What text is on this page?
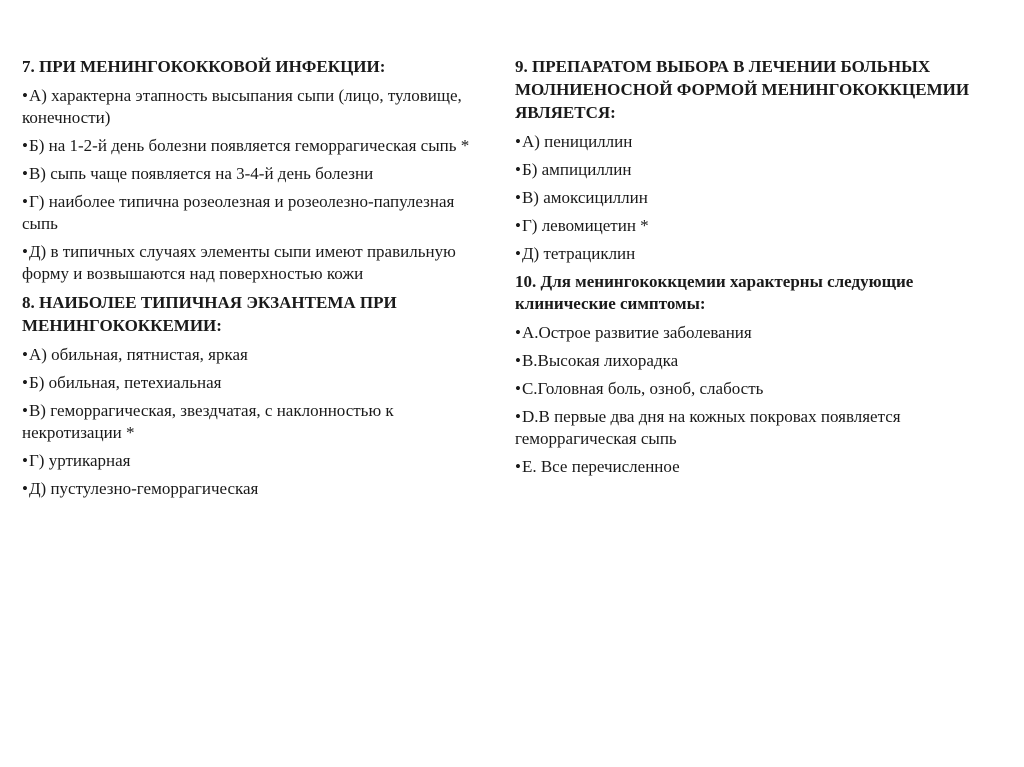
7. ПРИ МЕНИНГОКОККОВОЙ ИНФЕКЦИИ:
• А) характерна этапность высыпания сыпи (лицо, туловище, конечности)
• Б) на 1-2-й день болезни появляется геморрагическая сыпь *
• В) сыпь чаще появляется на 3-4-й день болезни
• Г) наиболее типична розеолезная и розеолезно-папулезная сыпь
• Д) в типичных случаях элементы сыпи имеют правильную форму и возвышаются над поверхностью кожи
8. НАИБОЛЕЕ ТИПИЧНАЯ ЭКЗАНТЕМА ПРИ МЕНИНГОКОККЕМИИ:
• А) обильная, пятнистая, яркая
• Б) обильная, петехиальная
• В) геморрагическая, звездчатая, с наклонностью к некротизации *
• Г) уртикарная
• Д) пустулезно-геморрагическая
9. ПРЕПАРАТОМ ВЫБОРА В ЛЕЧЕНИИ БОЛЬНЫХ МОЛНИЕНОСНОЙ ФОРМОЙ МЕНИНГОКОККЦЕМИИ ЯВЛЯЕТСЯ:
• А) пенициллин
• Б) ампициллин
• В) амоксициллин
• Г) левомицетин *
• Д) тетрациклин
10. Для менингококкцемии характерны следующие клинические симптомы:
• A.Острое развитие заболевания
• B.Высокая лихорадка
• C.Головная боль, озноб, слабость
• D.В первые два дня на кожных покровах появляется геморрагическая сыпь
• E. Все перечисленное
